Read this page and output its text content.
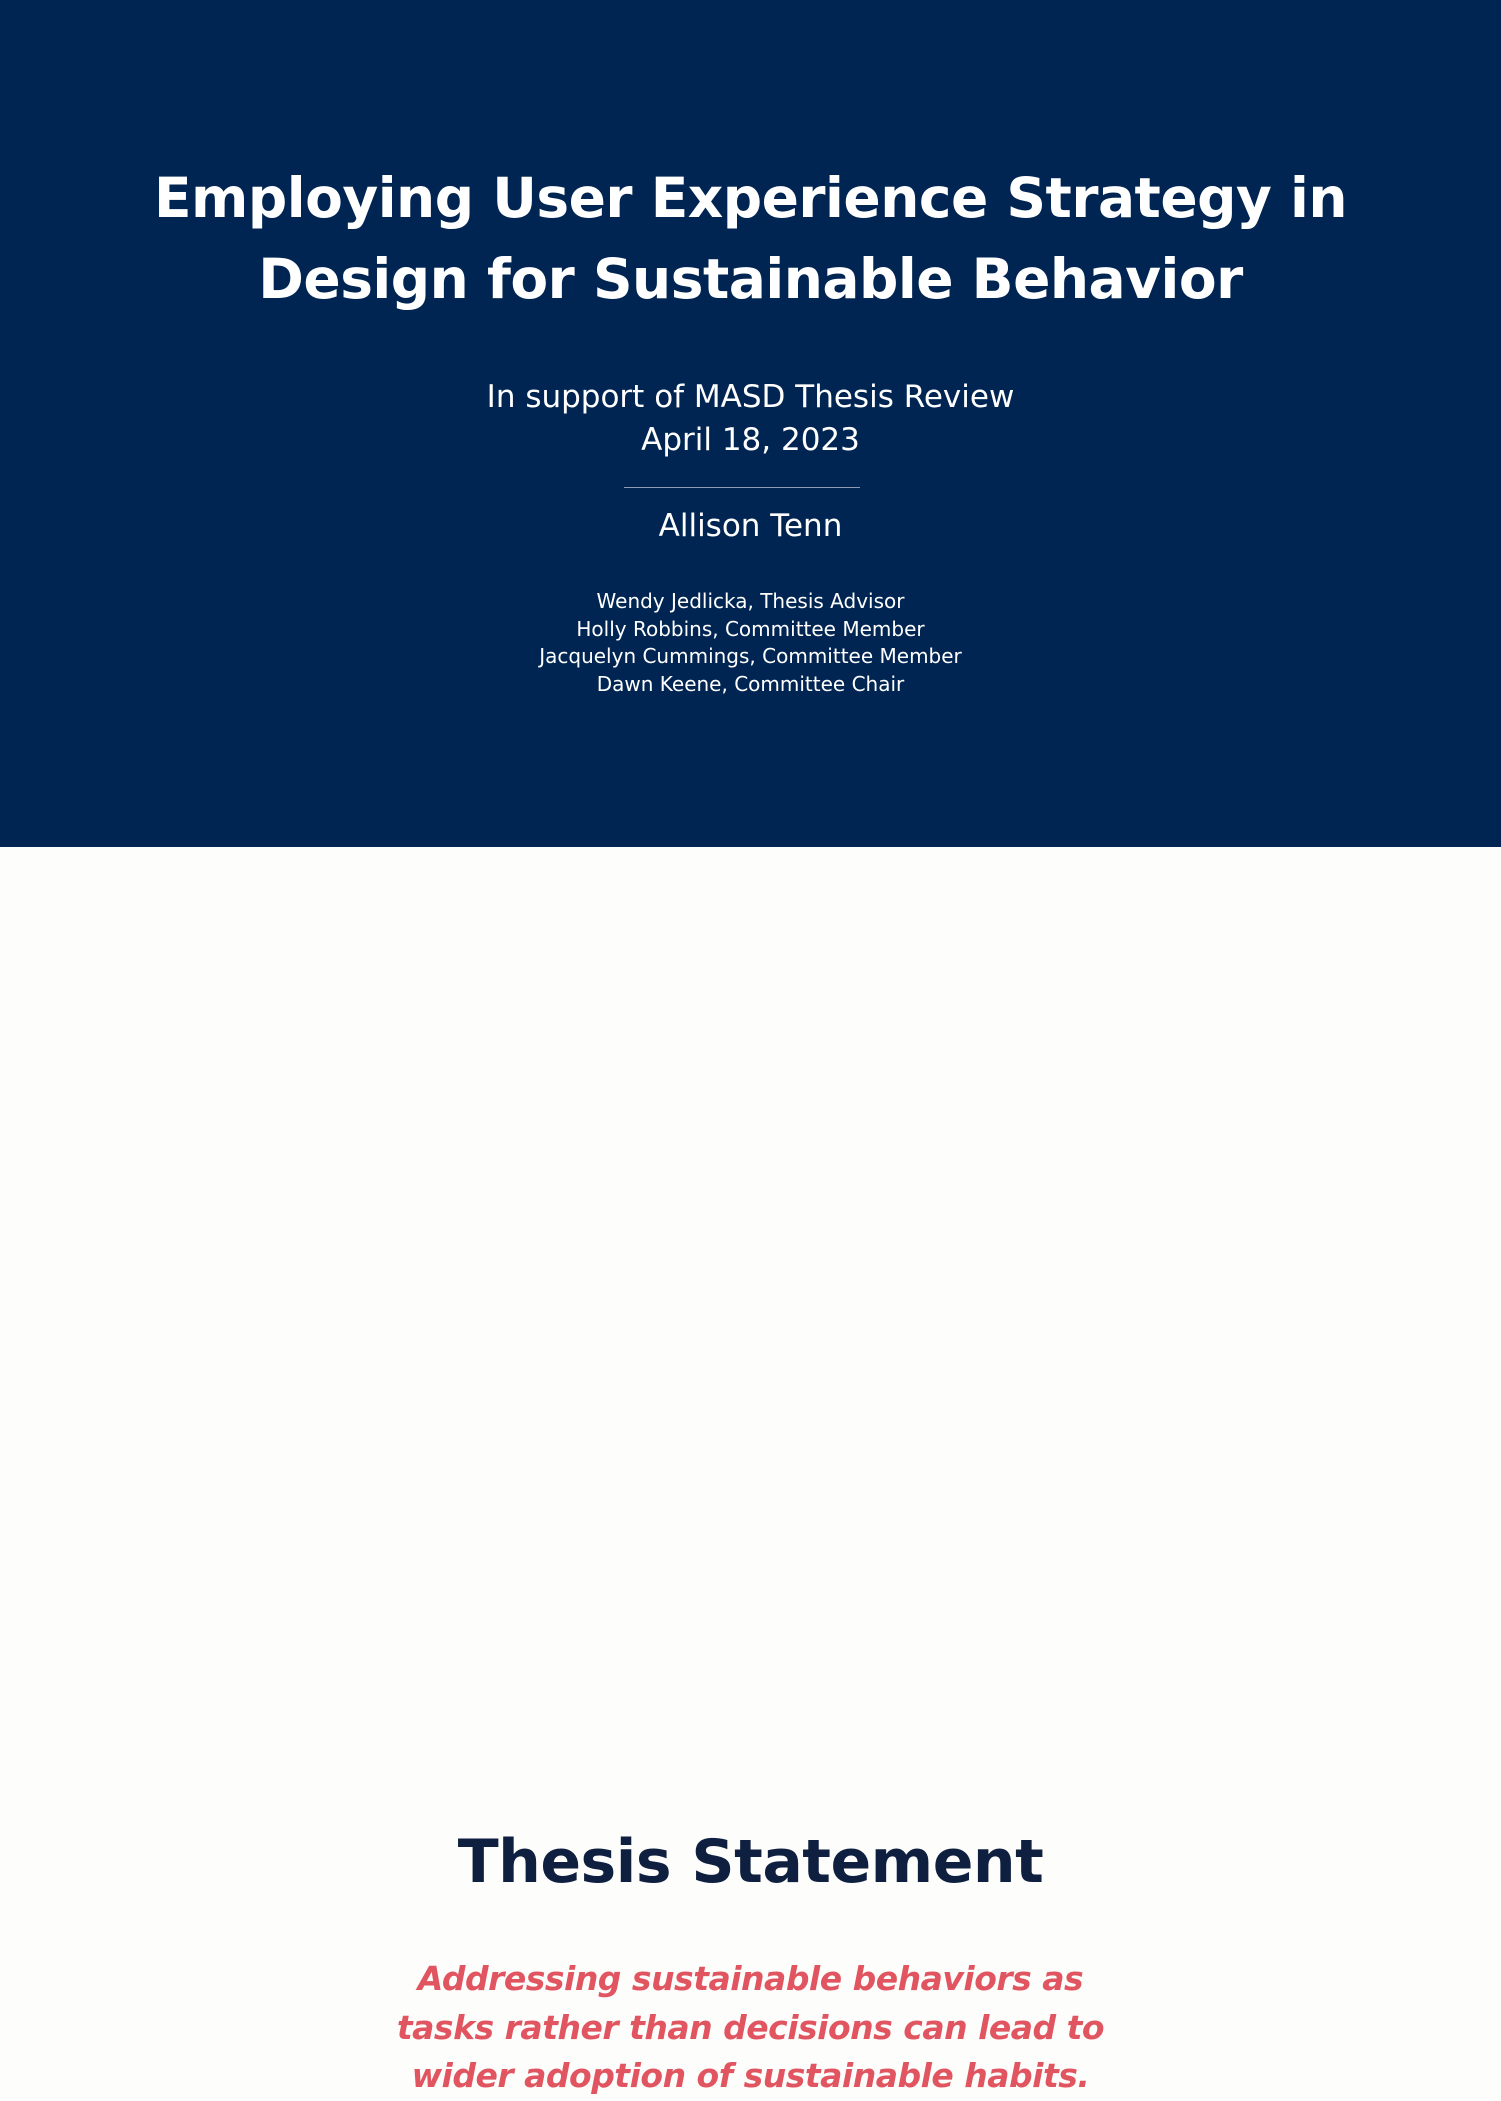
Employing User Experience Strategy in
Design for Sustainable Behavior
In support of MASD Thesis Review
April 18, 2023
Allison Tenn
Wendy Jedlicka, Thesis Advisor
Holly Robbins, Committee Member
Jacquelyn Cummings, Committee Member
Dawn Keene, Committee Chair
Thesis Statement

Addressing sustainable behaviors as
tasks rather than decisions can lead to
wider adoption of sustainable habits.
